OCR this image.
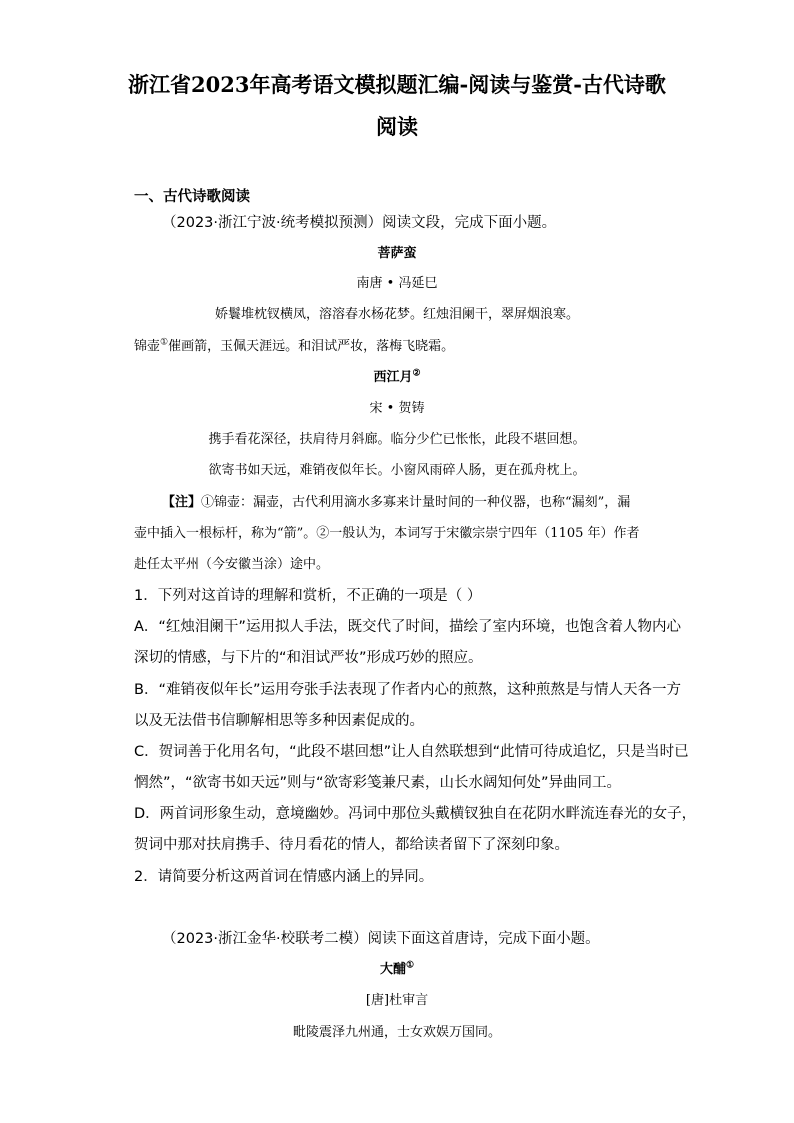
浙江省2023年高考语文模拟题汇编-阅读与鉴赏-古代诗歌
阅读
一、古代诗歌阅读
（2023·浙江宁波·统考模拟预测）阅读文段，完成下面小题。
菩萨蛮
南唐 • 冯延巳
娇鬟堆枕钗横凤，溶溶春水杨花梦。红烛泪阑干，翠屏烟浪寒。
锦壶①催画箭，玉佩天涯远。和泪试严妆，落梅飞晓霜。
西江月②
宋 • 贺铸
携手看花深径，扶肩待月斜廊。临分少伫已怅怅，此段不堪回想。
欲寄书如天远，难销夜似年长。小窗风雨碎人肠，更在孤舟枕上。
【注】①锦壶：漏壶，古代利用滴水多寡来计量时间的一种仪器，也称“漏刻”，漏
壶中插入一根标杆，称为“箭”。②一般认为，本词写于宋徽宗崇宁四年（1105 年）作者
赴任太平州（今安徽当涂）途中。
1．下列对这首诗的理解和赏析，不正确的一项是（ ）
A．“红烛泪阑干”运用拟人手法，既交代了时间，描绘了室内环境，也饱含着人物内心
深切的情感，与下片的“和泪试严妆”形成巧妙的照应。
B．“难销夜似年长”运用夸张手法表现了作者内心的煎熬，这种煎熬是与情人天各一方
以及无法借书信聊解相思等多种因素促成的。
C．贺词善于化用名句，“此段不堪回想”让人自然联想到“此情可待成追忆，只是当时已
惘然”，“欲寄书如天远”则与“欲寄彩笺兼尺素，山长水阔知何处”异曲同工。
D．两首词形象生动，意境幽妙。冯词中那位头戴横钗独自在花阴水畔流连春光的女子，
贺词中那对扶肩携手、待月看花的情人，都给读者留下了深刻印象。
2．请简要分析这两首词在情感内涵上的异同。
（2023·浙江金华·校联考二模）阅读下面这首唐诗，完成下面小题。
大酺①
[唐]杜审言
毗陵震泽九州通，士女欢娱万国同。
